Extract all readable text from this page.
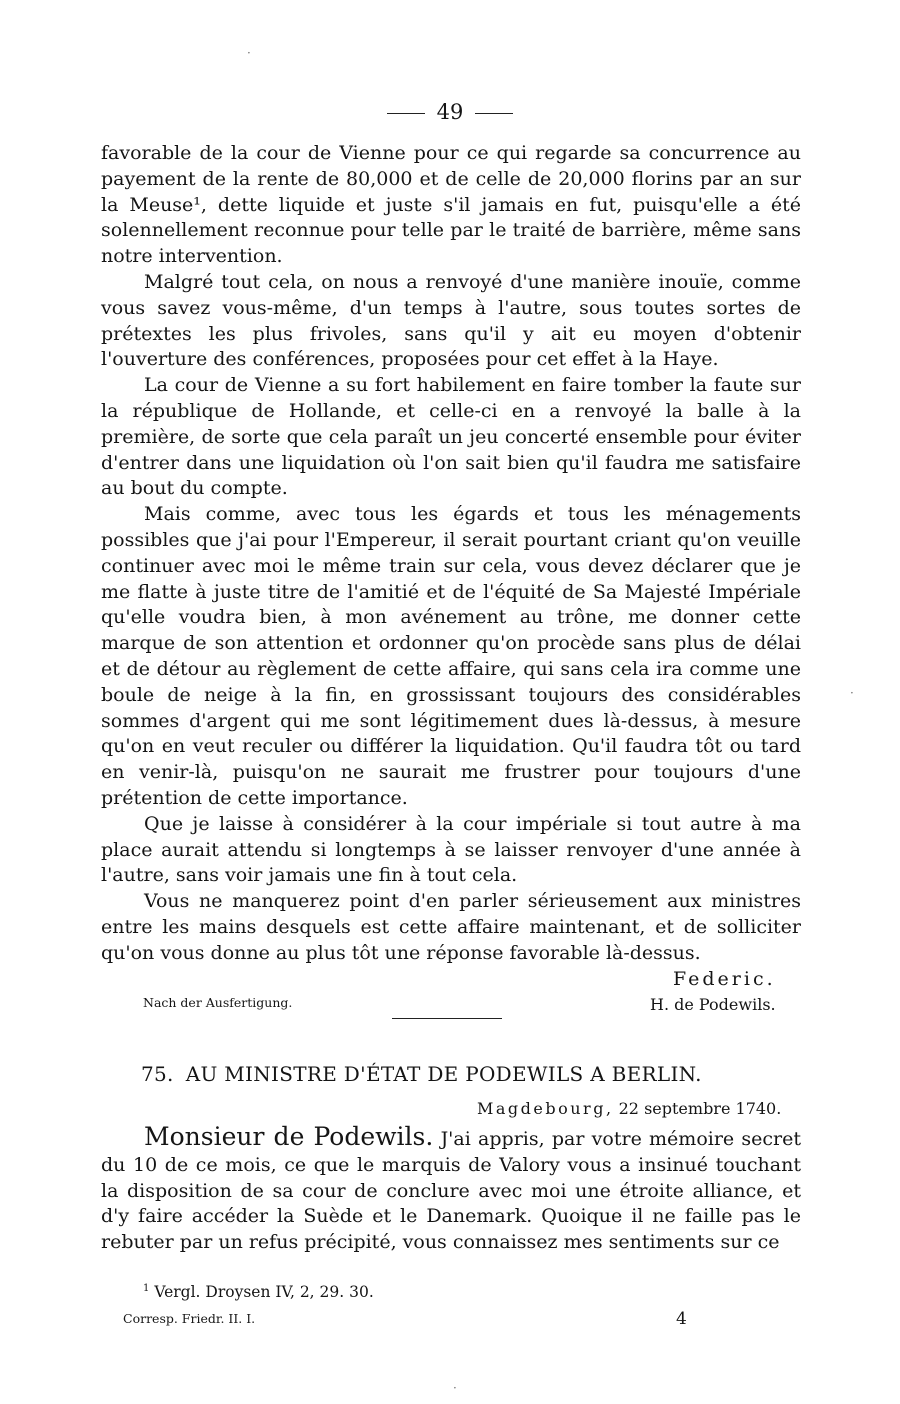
49

favorable de la cour de Vienne pour ce qui regarde sa concurrence au payement de la rente de 80,000 et de celle de 20,000 florins par an sur la Meuse¹, dette liquide et juste s'il jamais en fut, puisqu'elle a été solennellement reconnue pour telle par le traité de barrière, même sans notre intervention.

Malgré tout cela, on nous a renvoyé d'une manière inouïe, comme vous savez vous-même, d'un temps à l'autre, sous toutes sortes de prétextes les plus frivoles, sans qu'il y ait eu moyen d'obtenir l'ouverture des conférences, proposées pour cet effet à la Haye.

La cour de Vienne a su fort habilement en faire tomber la faute sur la république de Hollande, et celle-ci en a renvoyé la balle à la première, de sorte que cela paraît un jeu concerté ensemble pour éviter d'entrer dans une liquidation où l'on sait bien qu'il faudra me satisfaire au bout du compte.

Mais comme, avec tous les égards et tous les ménagements possibles que j'ai pour l'Empereur, il serait pourtant criant qu'on veuille continuer avec moi le même train sur cela, vous devez déclarer que je me flatte à juste titre de l'amitié et de l'équité de Sa Majesté Impériale qu'elle voudra bien, à mon avénement au trône, me donner cette marque de son attention et ordonner qu'on procède sans plus de délai et de détour au règlement de cette affaire, qui sans cela ira comme une boule de neige à la fin, en grossissant toujours des considérables sommes d'argent qui me sont légitimement dues là-dessus, à mesure qu'on en veut reculer ou différer la liquidation. Qu'il faudra tôt ou tard en venir-là, puisqu'on ne saurait me frustrer pour toujours d'une prétention de cette importance.

Que je laisse à considérer à la cour impériale si tout autre à ma place aurait attendu si longtemps à se laisser renvoyer d'une année à l'autre, sans voir jamais une fin à tout cela.

Vous ne manquerez point d'en parler sérieusement aux ministres entre les mains desquels est cette affaire maintenant, et de solliciter qu'on vous donne au plus tôt une réponse favorable là-dessus.

Federic.
Nach der Ausfertigung.	H. de Podewils.
75. AU MINISTRE D'ÉTAT DE PODEWILS A BERLIN.
Magdebourg, 22 septembre 1740.

Monsieur de Podewils. J'ai appris, par votre mémoire secret du 10 de ce mois, ce que le marquis de Valory vous a insinué touchant la disposition de sa cour de conclure avec moi une étroite alliance, et d'y faire accéder la Suède et le Danemark. Quoique il ne faille pas le rebuter par un refus précipité, vous connaissez mes sentiments sur ce

$^1$ Vergl. Droysen IV, 2, 29. 30.
Corresp. Friedr. II. I.	4
·
·
·
